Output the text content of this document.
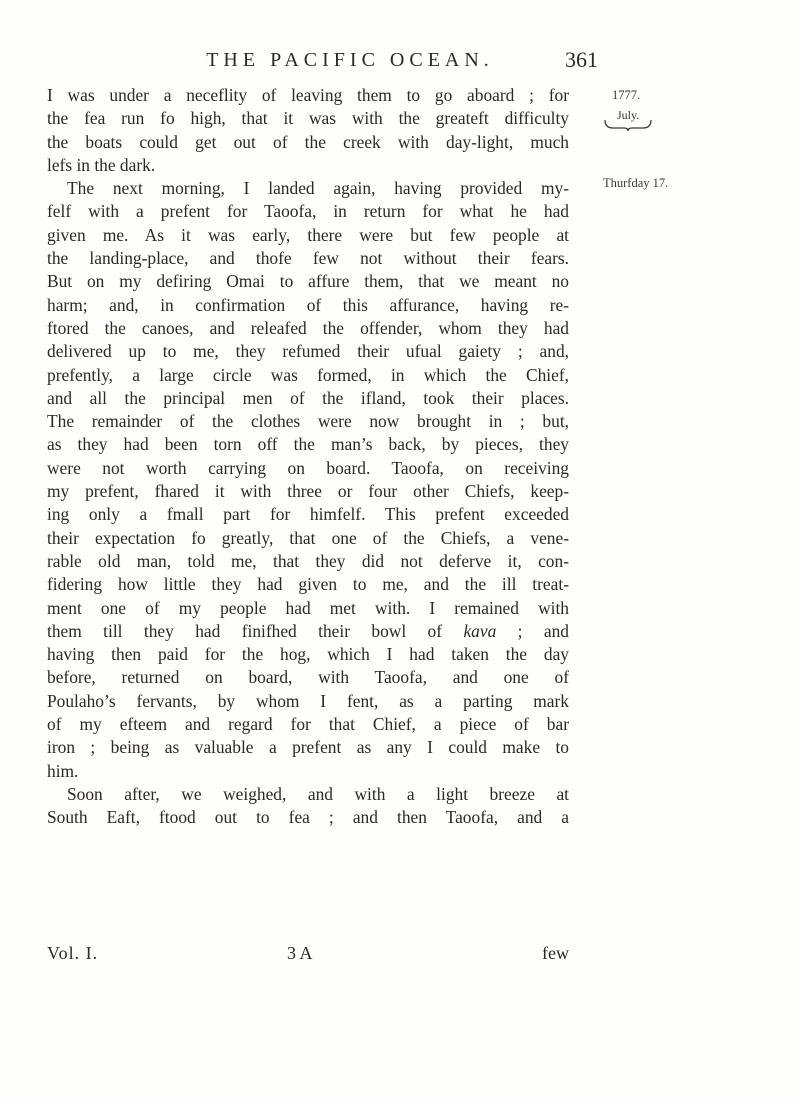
THE PACIFIC OCEAN.	361
1777.
July.
Thurfday 17.
I was under a neceflity of leaving them to go aboard ; for
the fea run fo high, that it was with the greateft difficulty
the boats could get out of the creek with day-light, much
lefs in the dark.
The next morning, I landed again, having provided my-
felf with a prefent for Taoofa, in return for what he had
given me. As it was early, there were but few people at
the landing-place, and thofe few not without their fears.
But on my defiring Omai to affure them, that we meant no
harm; and, in confirmation of this affurance, having re-
ftored the canoes, and releafed the offender, whom they had
delivered up to me, they refumed their ufual gaiety ; and,
prefently, a large circle was formed, in which the Chief,
and all the principal men of the ifland, took their places.
The remainder of the clothes were now brought in ; but,
as they had been torn off the man’s back, by pieces, they
were not worth carrying on board. Taoofa, on receiving
my prefent, fhared it with three or four other Chiefs, keep-
ing only a fmall part for himfelf. This prefent exceeded
their expectation fo greatly, that one of the Chiefs, a vene-
rable old man, told me, that they did not deferve it, con-
fidering how little they had given to me, and the ill treat-
ment one of my people had met with. I remained with
them till they had finifhed their bowl of kava ; and
having then paid for the hog, which I had taken the day
before, returned on board, with Taoofa, and one of
Poulaho’s fervants, by whom I fent, as a parting mark
of my efteem and regard for that Chief, a piece of bar
iron ; being as valuable a prefent as any I could make to
him.
Soon after, we weighed, and with a light breeze at
South Eaft, ftood out to fea ; and then Taoofa, and a
Vol. I.	3 A	few
